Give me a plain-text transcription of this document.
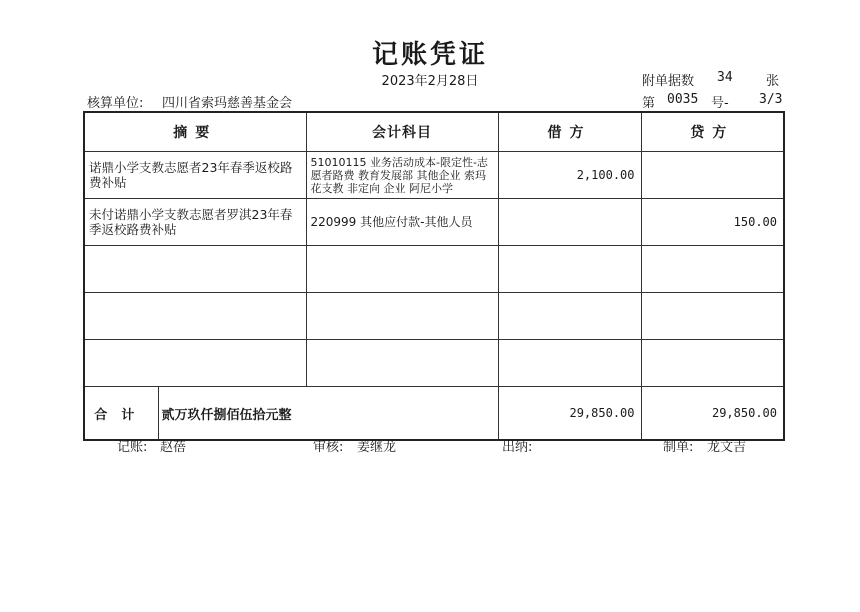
记账凭证
2023年2月28日	附单据数 34	张
核算单位: 四川省索玛慈善基金会	第 0035 号- 3/3
摘要		会计科目	借方	贷方
诺鼎小学支教志愿者23年春季返校路费补贴		51010115 业务活动成本-限定性-志愿者路费 教育发展部 其他企业 索玛花支教 非定向 企业 阿尼小学	2,100.00	
未付诺鼎小学支教志愿者罗淇23年春季返校路费补贴		220999 其他应付款-其他人员		150.00

合计	贰万玖仟捌佰伍拾元整		29,850.00	29,850.00
记账: 赵蓓	审核: 姜继龙	出纳:	制单: 龙文吉
